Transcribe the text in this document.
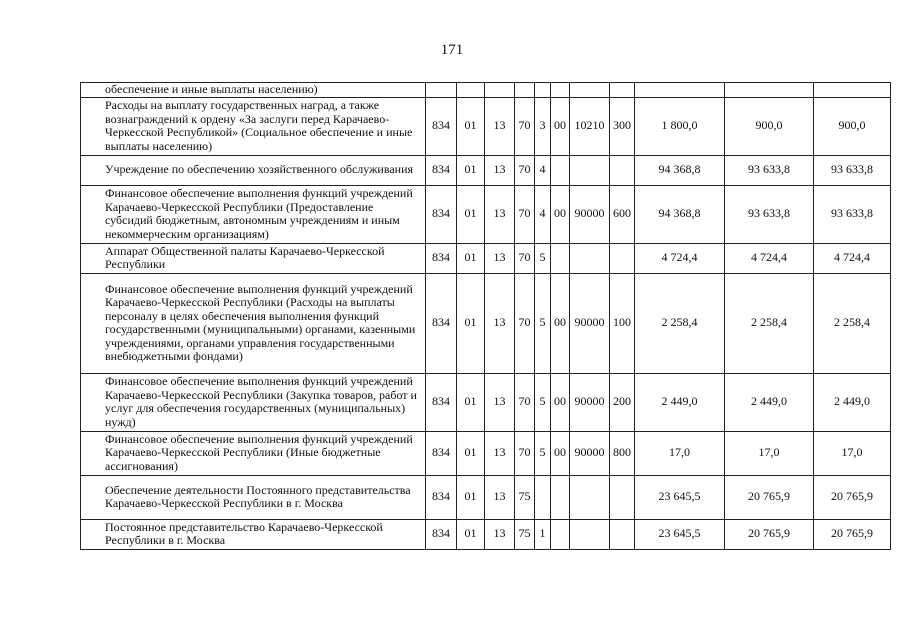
171
обеспечение и иные выплаты населению)											
Расходы на выплату государственных наград, а также вознаграждений к ордену «За заслуги перед Карачаево-Черкесской Республикой» (Социальное обеспечение и иные выплаты населению)	834	01	13	70	3	00	10210	300	1 800,0	900,0	900,0
Учреждение по обеспечению хозяйственного обслуживания	834	01	13	70	4				94 368,8	93 633,8	93 633,8
Финансовое обеспечение выполнения функций учреждений Карачаево-Черкесской Республики (Предоставление субсидий бюджетным, автономным учреждениям и иным некоммерческим организациям)	834	01	13	70	4	00	90000	600	94 368,8	93 633,8	93 633,8
Аппарат Общественной палаты Карачаево-Черкесской Республики	834	01	13	70	5				4 724,4	4 724,4	4 724,4
Финансовое обеспечение выполнения функций учреждений Карачаево-Черкесской Республики (Расходы на выплаты персоналу в целях обеспечения выполнения функций государственными (муниципальными) органами, казенными учреждениями, органами управления государственными внебюджетными фондами)	834	01	13	70	5	00	90000	100	2 258,4	2 258,4	2 258,4
Финансовое обеспечение выполнения функций учреждений Карачаево-Черкесской Республики (Закупка товаров, работ и услуг для обеспечения государственных (муниципальных) нужд)	834	01	13	70	5	00	90000	200	2 449,0	2 449,0	2 449,0
Финансовое обеспечение выполнения функций учреждений Карачаево-Черкесской Республики (Иные бюджетные ассигнования)	834	01	13	70	5	00	90000	800	17,0	17,0	17,0
Обеспечение деятельности Постоянного представительства Карачаево-Черкесской Республики в г. Москва	834	01	13	75					23 645,5	20 765,9	20 765,9
Постоянное представительство Карачаево-Черкесской Республики в г. Москва	834	01	13	75	1				23 645,5	20 765,9	20 765,9
